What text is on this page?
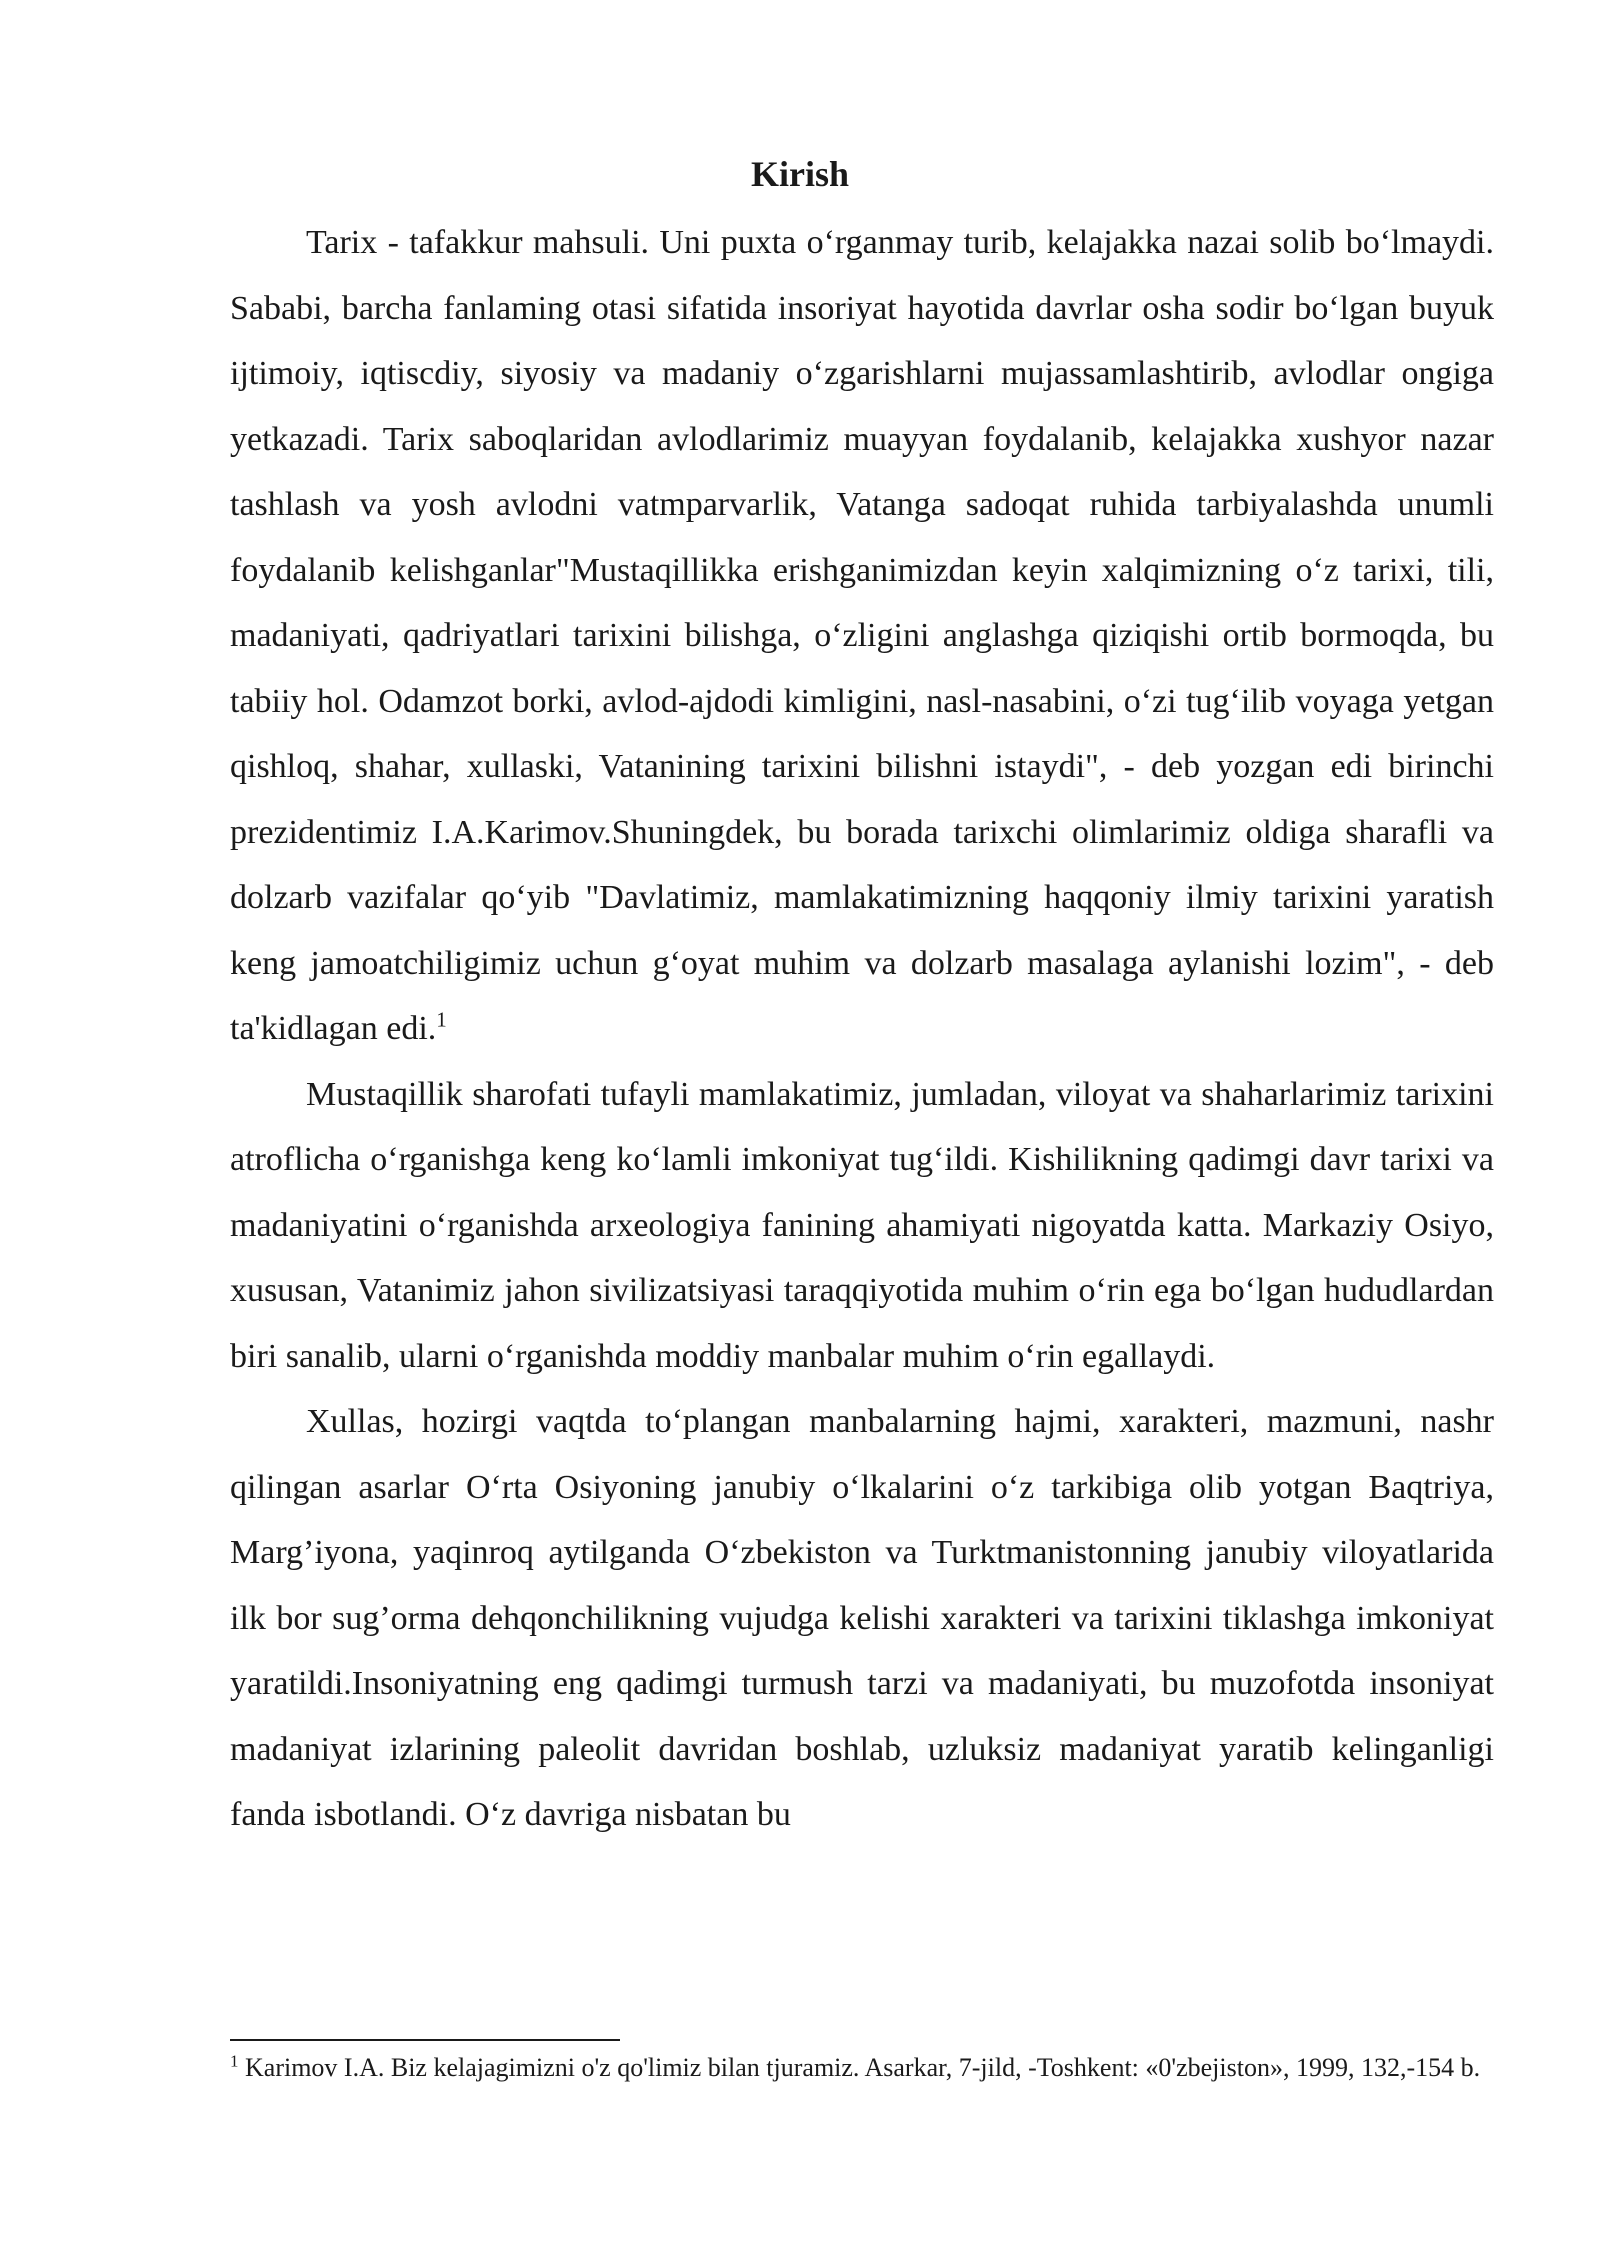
Kirish

Tarix - tafakkur mahsuli. Uni puxta o‘rganmay turib, kelajakka nazai solib bo‘lmaydi. Sababi, barcha fanlaming otasi sifatida insoriyat hayotida davrlar osha sodir bo‘lgan buyuk ijtimoiy, iqtiscdiy, siyosiy va madaniy o‘zgarishlarni mujassamlashtirib, avlodlar ongiga yetkazadi. Tarix saboqlaridan avlodlarimiz muayyan foydalanib, kelajakka xushyor nazar tashlash va yosh avlodni vatmparvarlik, Vatanga sadoqat ruhida tarbiyalashda unumli foydalanib kelishganlar"Mustaqillikka erishganimizdan keyin xalqimizning o‘z tarixi, tili, madaniyati, qadriyatlari tarixini bilishga, o‘zligini anglashga qiziqishi ortib bormoqda, bu tabiiy hol. Odamzot borki, avlod-ajdodi kimligini, nasl-nasabini, o‘zi tug‘ilib voyaga yetgan qishloq, shahar, xullaski, Vatanining tarixini bilishni istaydi", - deb yozgan edi birinchi prezidentimiz I.A.Karimov.Shuningdek, bu borada tarixchi olimlarimiz oldiga sharafli va dolzarb vazifalar qo‘yib "Davlatimiz, mamlakatimizning haqqoniy ilmiy tarixini yaratish keng jamoatchiligimiz uchun g‘oyat muhim va dolzarb masalaga aylanishi lozim", - deb ta'kidlagan edi.$^1$

Mustaqillik sharofati tufayli mamlakatimiz, jumladan, viloyat va shaharlarimiz tarixini atroflicha o‘rganishga keng ko‘lamli imkoniyat tug‘ildi. Kishilikning qadimgi davr tarixi va madaniyatini o‘rganishda arxeologiya fanining ahamiyati nigoyatda katta. Markaziy Osiyo, xususan, Vatanimiz jahon sivilizatsiyasi taraqqiyotida muhim o‘rin ega bo‘lgan hududlardan biri sanalib, ularni o‘rganishda moddiy manbalar muhim o‘rin egallaydi.

Xullas, hozirgi vaqtda to‘plangan manbalarning hajmi, xarakteri, mazmuni, nashr qilingan asarlar O‘rta Osiyoning janubiy o‘lkalarini o‘z tarkibiga olib yotgan Baqtriya, Marg’iyona, yaqinroq aytilganda O‘zbekiston va Turktmanistonning janubiy viloyatlarida ilk bor sug’orma dehqonchilikning vujudga kelishi xarakteri va tarixini tiklashga imkoniyat yaratildi.Insoniyatning eng qadimgi turmush tarzi va madaniyati, bu muzofotda insoniyat madaniyat izlarining paleolit davridan boshlab, uzluksiz madaniyat yaratib kelinganligi fanda isbotlandi. O‘z davriga nisbatan bu

$^1$ Karimov I.A. Biz kelajagimizni o'z qo'limiz bilan tjuramiz. Asarkar, 7-jild, -Toshkent: «0'zbejiston», 1999, 132,-154 b.
